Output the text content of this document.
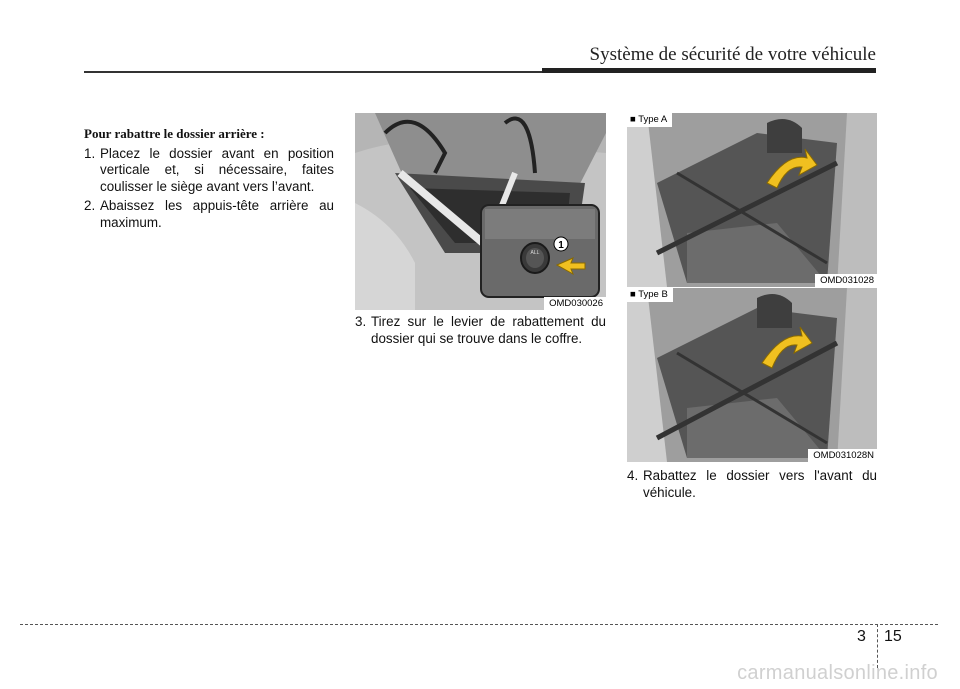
Système de sécurité de votre véhicule
Pour rabattre le dossier arrière :
1. Placez le dossier avant en position verticale et, si nécessaire, faites coulisser le siège avant vers l’avant.
2. Abaissez les appuis-tête arrière au maximum.
1
ALL
OMD030026
3. Tirez sur le levier de rabattement du dossier qui se trouve dans le coffre.
■ Type A
OMD031028
■ Type B
OMD031028N
4. Rabattez le dossier vers l'avant du véhicule.
3 15
carmanualsonline.info
